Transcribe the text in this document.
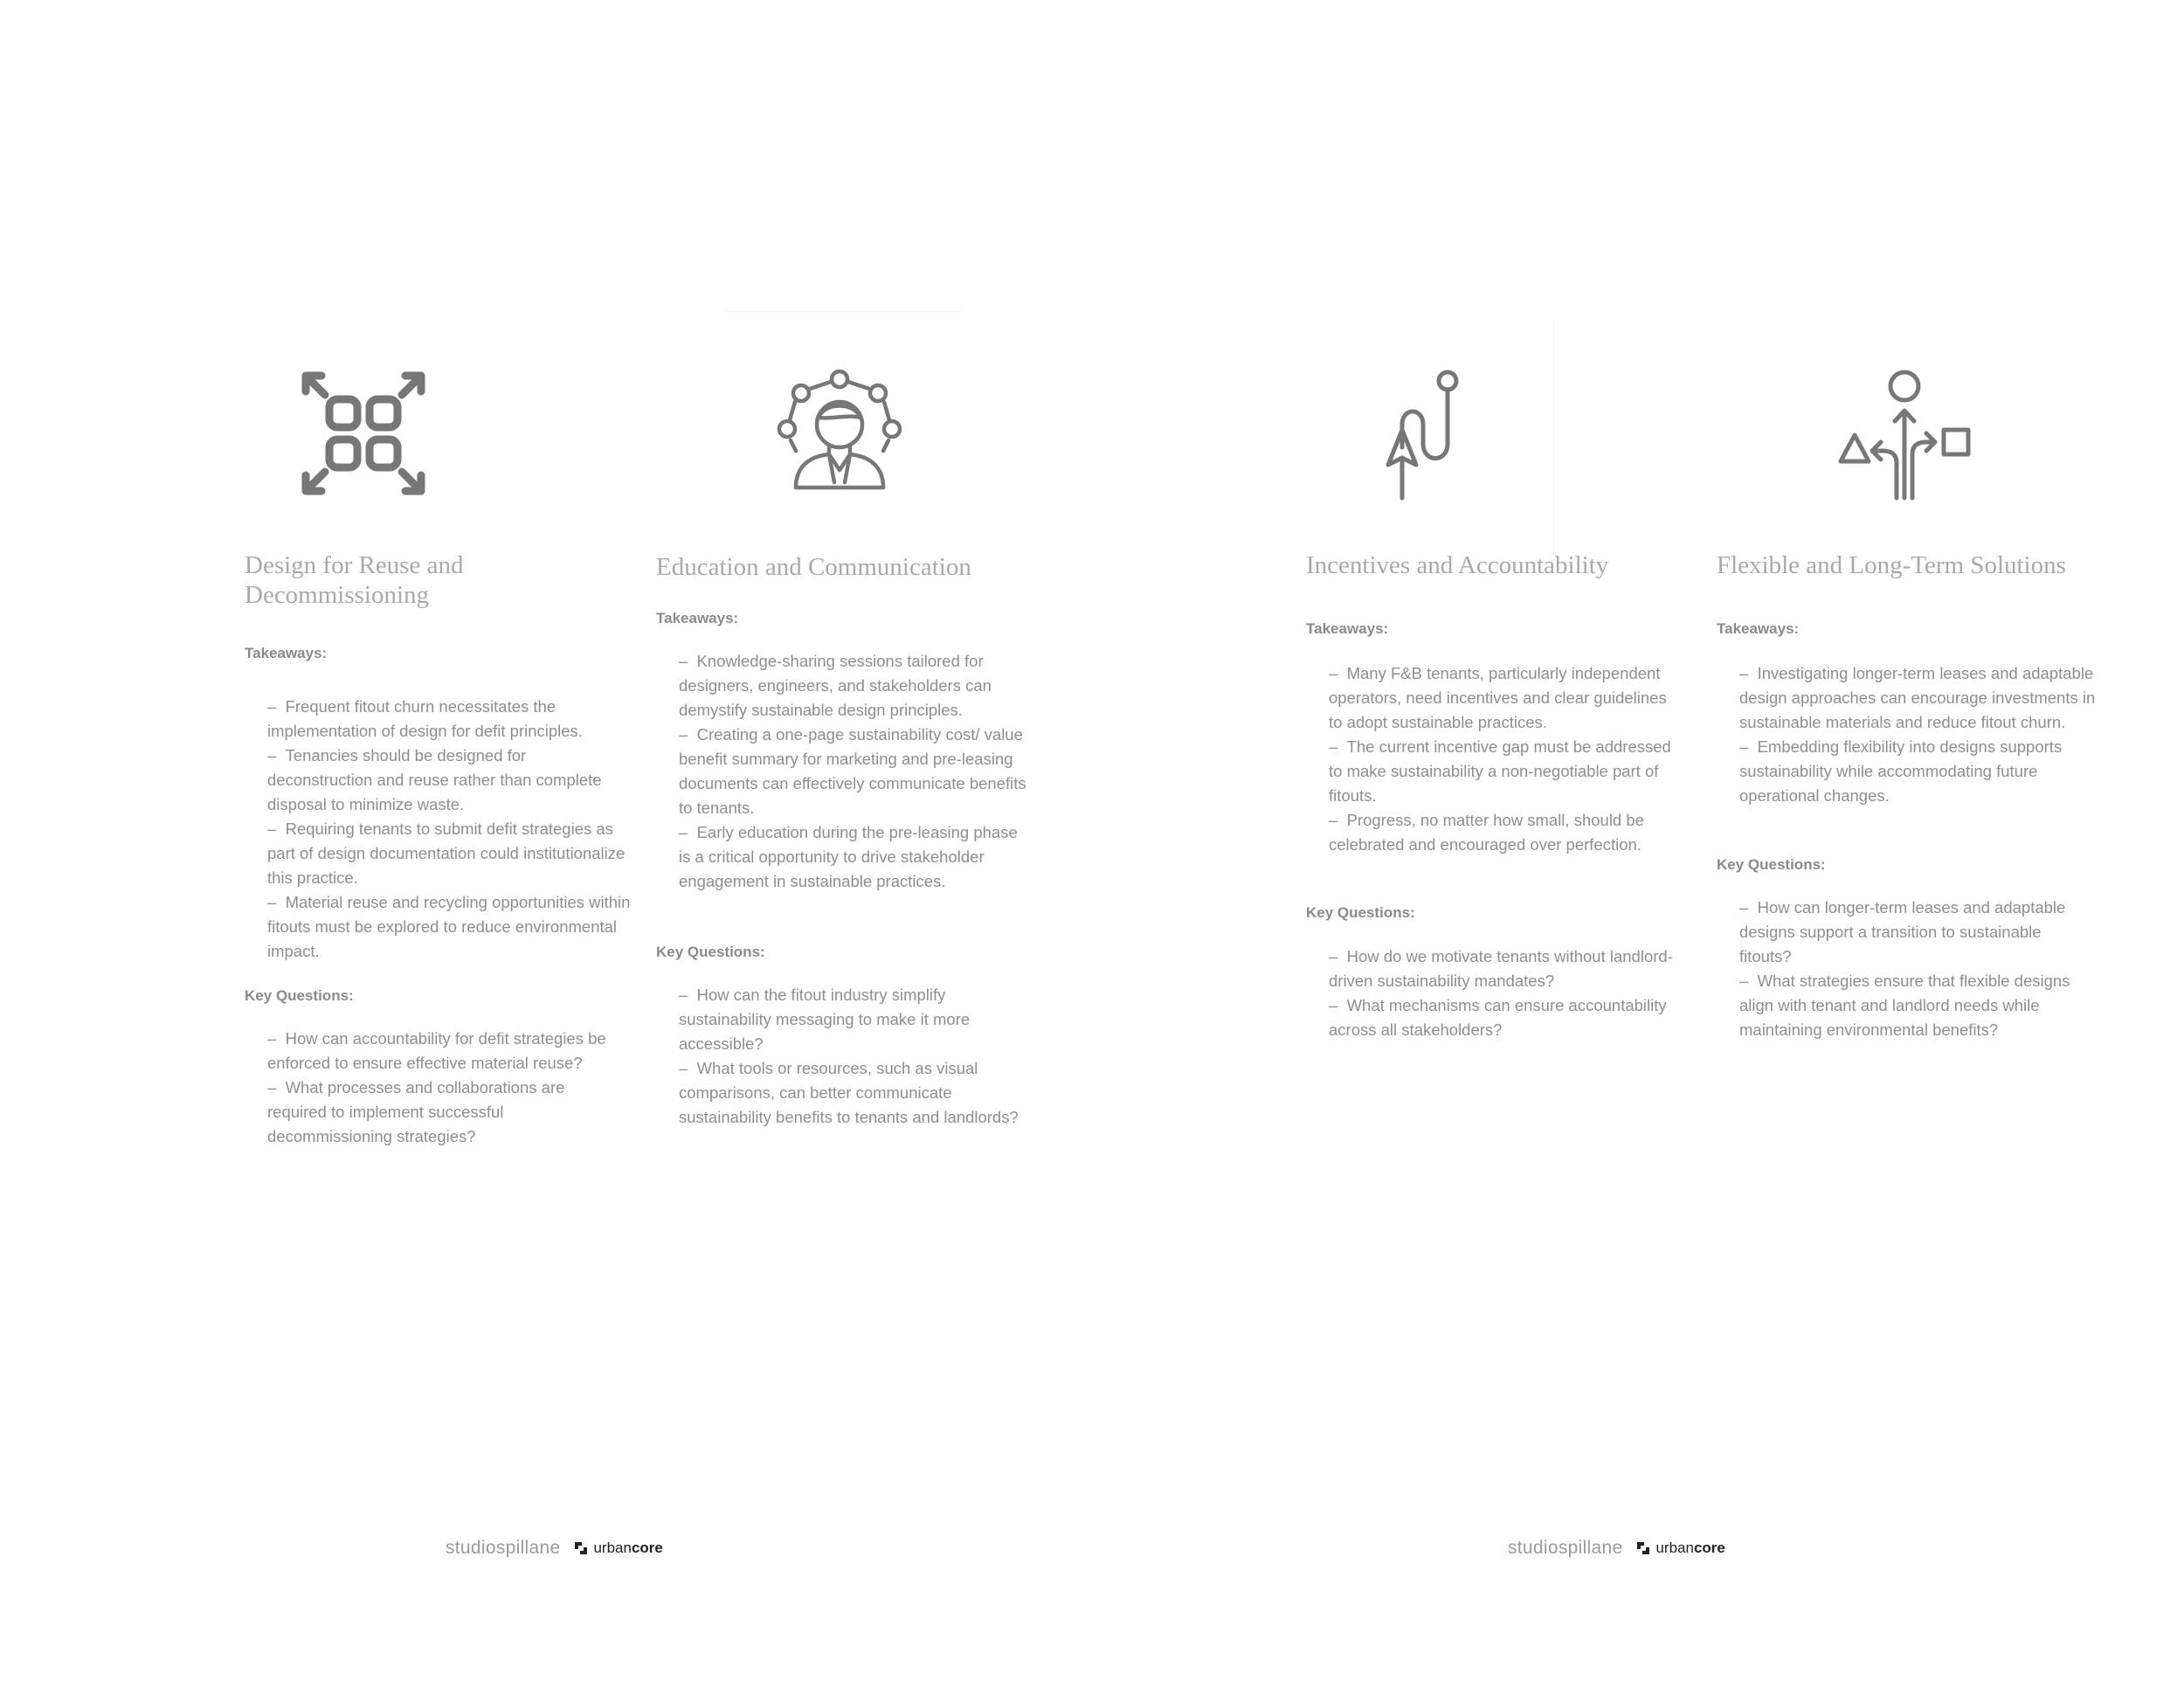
Design for Reuse and Decommissioning
Takeaways:
–  Frequent fitout churn necessitates the implementation of design for defit principles.
–  Tenancies should be designed for deconstruction and reuse rather than complete disposal to minimize waste.
–  Requiring tenants to submit defit strategies as part of design documentation could institutionalize this practice.
–  Material reuse and recycling opportunities within fitouts must be explored to reduce environmental impact.
Key Questions:
–  How can accountability for defit strategies be enforced to ensure effective material reuse?
–  What processes and collaborations are required to implement successful decommissioning strategies?
Education and Communication
Takeaways:
–  Knowledge-sharing sessions tailored for designers, engineers, and stakeholders can demystify sustainable design principles.
–  Creating a one-page sustainability cost/ value benefit summary for marketing and pre-leasing documents can effectively communicate benefits to tenants.
–  Early education during the pre-leasing phase is a critical opportunity to drive stakeholder engagement in sustainable practices.
Key Questions:
–  How can the fitout industry simplify sustainability messaging to make it more accessible?
–  What tools or resources, such as visual comparisons, can better communicate sustainability benefits to tenants and landlords?
Incentives and Accountability
Takeaways:
–  Many F&B tenants, particularly independent operators, need incentives and clear guidelines to adopt sustainable practices.
–  The current incentive gap must be addressed to make sustainability a non-negotiable part of fitouts.
–  Progress, no matter how small, should be celebrated and encouraged over perfection.
Key Questions:
–  How do we motivate tenants without landlord-driven sustainability mandates?
–  What mechanisms can ensure accountability across all stakeholders?
Flexible and Long-Term Solutions
Takeaways:
–  Investigating longer-term leases and adaptable design approaches can encourage investments in sustainable materials and reduce fitout churn.
–  Embedding flexibility into designs supports sustainability while accommodating future operational changes.
Key Questions:
–  How can longer-term leases and adaptable designs support a transition to sustainable fitouts?
–  What strategies ensure that flexible designs align with tenant and landlord needs while maintaining environmental benefits?
studiospillane urban core	studiospillane urban core
